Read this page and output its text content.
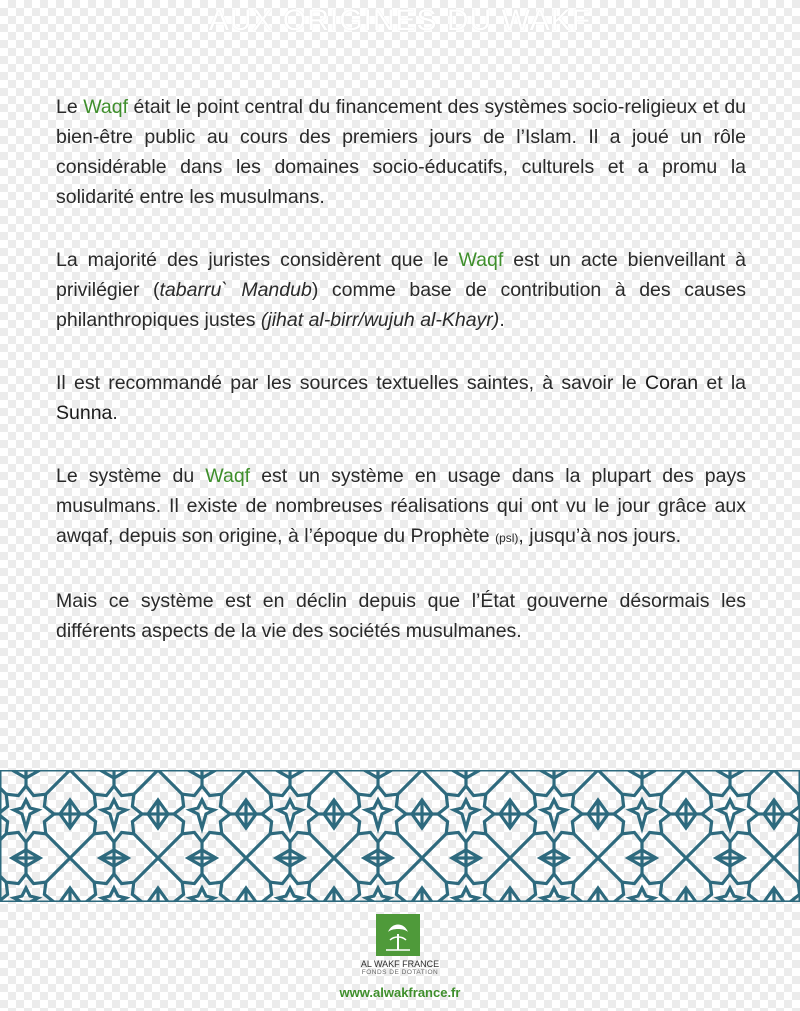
AUX ORIGINES DU WAKF

Le Waqf était le point central du financement des systèmes socio-religieux et du bien-être public au cours des premiers jours de l’Islam. Il a joué un rôle considérable dans les domaines socio-éducatifs, culturels et a promu la solidarité entre les musulmans.

La majorité des juristes considèrent que le Waqf est un acte bienveillant à privilégier (tabarru` Mandub) comme base de contribution à des causes philanthropiques justes (jihat al-birr/wujuh al-Khayr).

Il est recommandé par les sources textuelles saintes, à savoir le Coran et la Sunna.

Le système du Waqf est un système en usage dans la plupart des pays musulmans. Il existe de nombreuses réalisations qui ont vu le jour grâce aux awqaf, depuis son origine, à l’époque du Prophète (psl), jusqu’à nos jours.

Mais ce système est en déclin depuis que l’État gouverne désormais les différents aspects de la vie des sociétés musulmanes.

AL WAKF FRANCE
FONDS DE DOTATION
www.alwakfrance.fr
